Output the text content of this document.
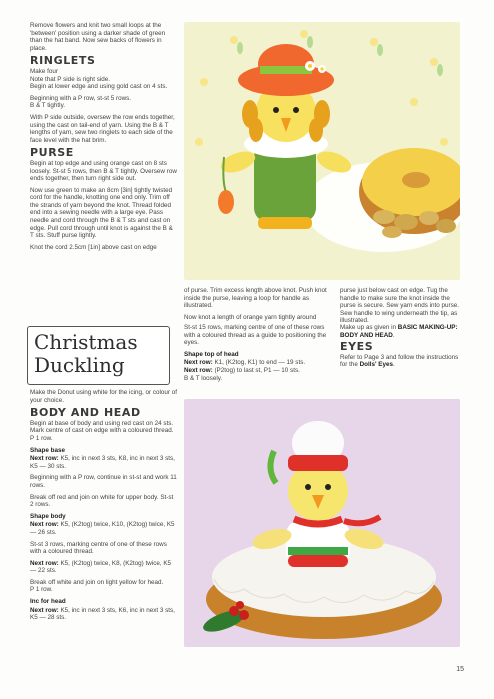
Remove flowers and knit two small loops at the 'between' position using a darker shade of green than the hat band. Now sew backs of flowers in place.

RINGLETS

Make four

Note that P side is right side.

Begin at lower edge and using gold cast on 4 sts.

Beginning with a P row, st-st 5 rows.

B & T tightly.

With P side outside, oversew the row ends together, using the cast on tail-end of yarn. Using the B & T lengths of yarn, sew two ringlets to each side of the face level with the hat brim.

PURSE

Begin at top edge and using orange cast on 8 sts loosely. St-st 5 rows, then B & T tightly. Oversew row ends together, then turn right side out.

Now use green to make an 8cm [3in] tightly twisted cord for the handle, knotting one end only. Trim off the strands of yarn beyond the knot. Thread folded end into a sewing needle with a large eye. Pass needle and cord through the B & T sts and cast on edge. Pull cord through until knot is against the B & T sts. Stuff purse lightly.

Knot the cord 2.5cm [1in] above cast on edge

of purse. Trim excess length above knot. Push knot inside the purse, leaving a loop for handle as illustrated.

Now knot a length of orange yarn tightly around

purse just below cast on edge. Tug the handle to make sure the knot inside the purse is secure. Sew yarn ends into purse. Sew handle to wing underneath the tip, as illustrated.

Christmas
Duckling

St-st 15 rows, marking centre of one of these rows with a coloured thread as a guide to positioning the eyes.

Shape top of head
Next row: K1, (K2tog, K1) to end — 19 sts.
Next row: (P2tog) to last st, P1 — 10 sts.
B & T loosely.

Make up as given in BASIC MAKING-UP: BODY AND HEAD.

EYES

Refer to Page 3 and follow the instructions for the Dolls' Eyes.

Make the Donut using white for the icing, or colour of your choice.

BODY AND HEAD

Begin at base of body and using red cast on 24 sts.

Mark centre of cast on edge with a coloured thread.

P 1 row.

Shape base

Next row: K5, inc in next 3 sts, K8, inc in next 3 sts, K5 — 30 sts.

Beginning with a P row, continue in st-st and work 11 rows.

Break off red and join on white for upper body. St-st 2 rows.

Shape body

Next row: K5, (K2tog) twice, K10, (K2tog) twice, K5 — 26 sts.

St-st 3 rows, marking centre of one of these rows with a coloured thread.

Next row: K5, (K2tog) twice, K8, (K2tog) twice, K5 — 22 sts.

Break off white and join on light yellow for head.

P 1 row.

Inc for head

Next row: K5, inc in next 3 sts, K6, inc in next 3 sts, K5 — 28 sts.

15
